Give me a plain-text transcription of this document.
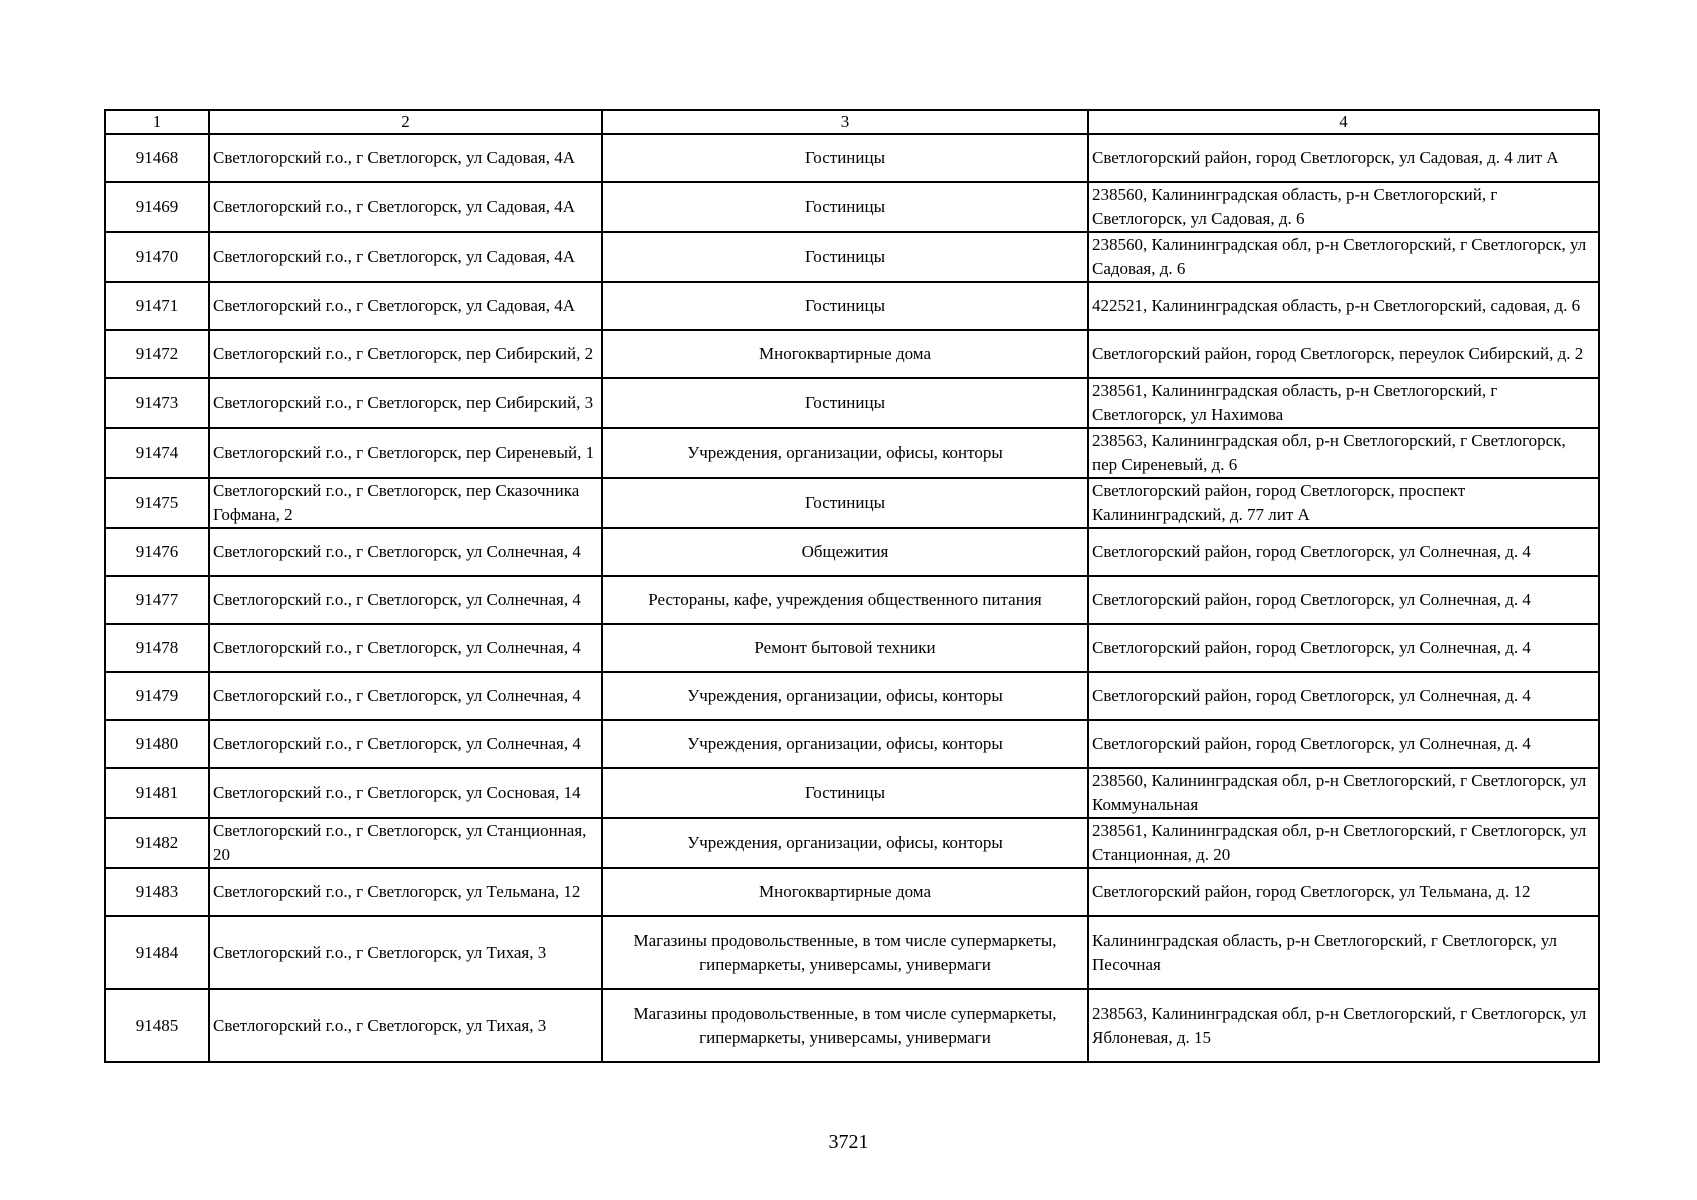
1	2	3	4
91468	Светлогорский г.о., г Светлогорск, ул Садовая, 4А	Гостиницы	Светлогорский район, город Светлогорск, ул Садовая, д. 4 лит А
91469	Светлогорский г.о., г Светлогорск, ул Садовая, 4А	Гостиницы	238560, Калининградская область, р-н Светлогорский, г Светлогорск, ул Садовая, д. 6
91470	Светлогорский г.о., г Светлогорск, ул Садовая, 4А	Гостиницы	238560, Калининградская обл, р-н Светлогорский, г Светлогорск, ул Садовая, д. 6
91471	Светлогорский г.о., г Светлогорск, ул Садовая, 4А	Гостиницы	422521, Калининградская область, р-н Светлогорский, садовая, д. 6
91472	Светлогорский г.о., г Светлогорск, пер Сибирский, 2	Многоквартирные дома	Светлогорский район, город Светлогорск, переулок Сибирский, д. 2
91473	Светлогорский г.о., г Светлогорск, пер Сибирский, 3	Гостиницы	238561, Калининградская область, р-н Светлогорский, г Светлогорск, ул Нахимова
91474	Светлогорский г.о., г Светлогорск, пер Сиреневый, 1	Учреждения, организации, офисы, конторы	238563, Калининградская обл, р-н Светлогорский, г Светлогорск, пер Сиреневый, д. 6
91475	Светлогорский г.о., г Светлогорск, пер Сказочника Гофмана, 2	Гостиницы	Светлогорский район, город Светлогорск, проспект Калининградский, д. 77 лит А
91476	Светлогорский г.о., г Светлогорск, ул Солнечная, 4	Общежития	Светлогорский район, город Светлогорск, ул Солнечная, д. 4
91477	Светлогорский г.о., г Светлогорск, ул Солнечная, 4	Рестораны, кафе, учреждения общественного питания	Светлогорский район, город Светлогорск, ул Солнечная, д. 4
91478	Светлогорский г.о., г Светлогорск, ул Солнечная, 4	Ремонт бытовой техники	Светлогорский район, город Светлогорск, ул Солнечная, д. 4
91479	Светлогорский г.о., г Светлогорск, ул Солнечная, 4	Учреждения, организации, офисы, конторы	Светлогорский район, город Светлогорск, ул Солнечная, д. 4
91480	Светлогорский г.о., г Светлогорск, ул Солнечная, 4	Учреждения, организации, офисы, конторы	Светлогорский район, город Светлогорск, ул Солнечная, д. 4
91481	Светлогорский г.о., г Светлогорск, ул Сосновая, 14	Гостиницы	238560, Калининградская обл, р-н Светлогорский, г Светлогорск, ул Коммунальная
91482	Светлогорский г.о., г Светлогорск, ул Станционная, 20	Учреждения, организации, офисы, конторы	238561, Калининградская обл, р-н Светлогорский, г Светлогорск, ул Станционная, д. 20
91483	Светлогорский г.о., г Светлогорск, ул Тельмана, 12	Многоквартирные дома	Светлогорский район, город Светлогорск, ул Тельмана, д. 12
91484	Светлогорский г.о., г Светлогорск, ул Тихая, 3	Магазины продовольственные, в том числе супермаркеты, гипермаркеты, универсамы, универмаги	Калининградская область, р-н Светлогорский, г Светлогорск, ул Песочная
91485	Светлогорский г.о., г Светлогорск, ул Тихая, 3	Магазины продовольственные, в том числе супермаркеты, гипермаркеты, универсамы, универмаги	238563, Калининградская обл, р-н Светлогорский, г Светлогорск, ул Яблоневая, д. 15
3721
